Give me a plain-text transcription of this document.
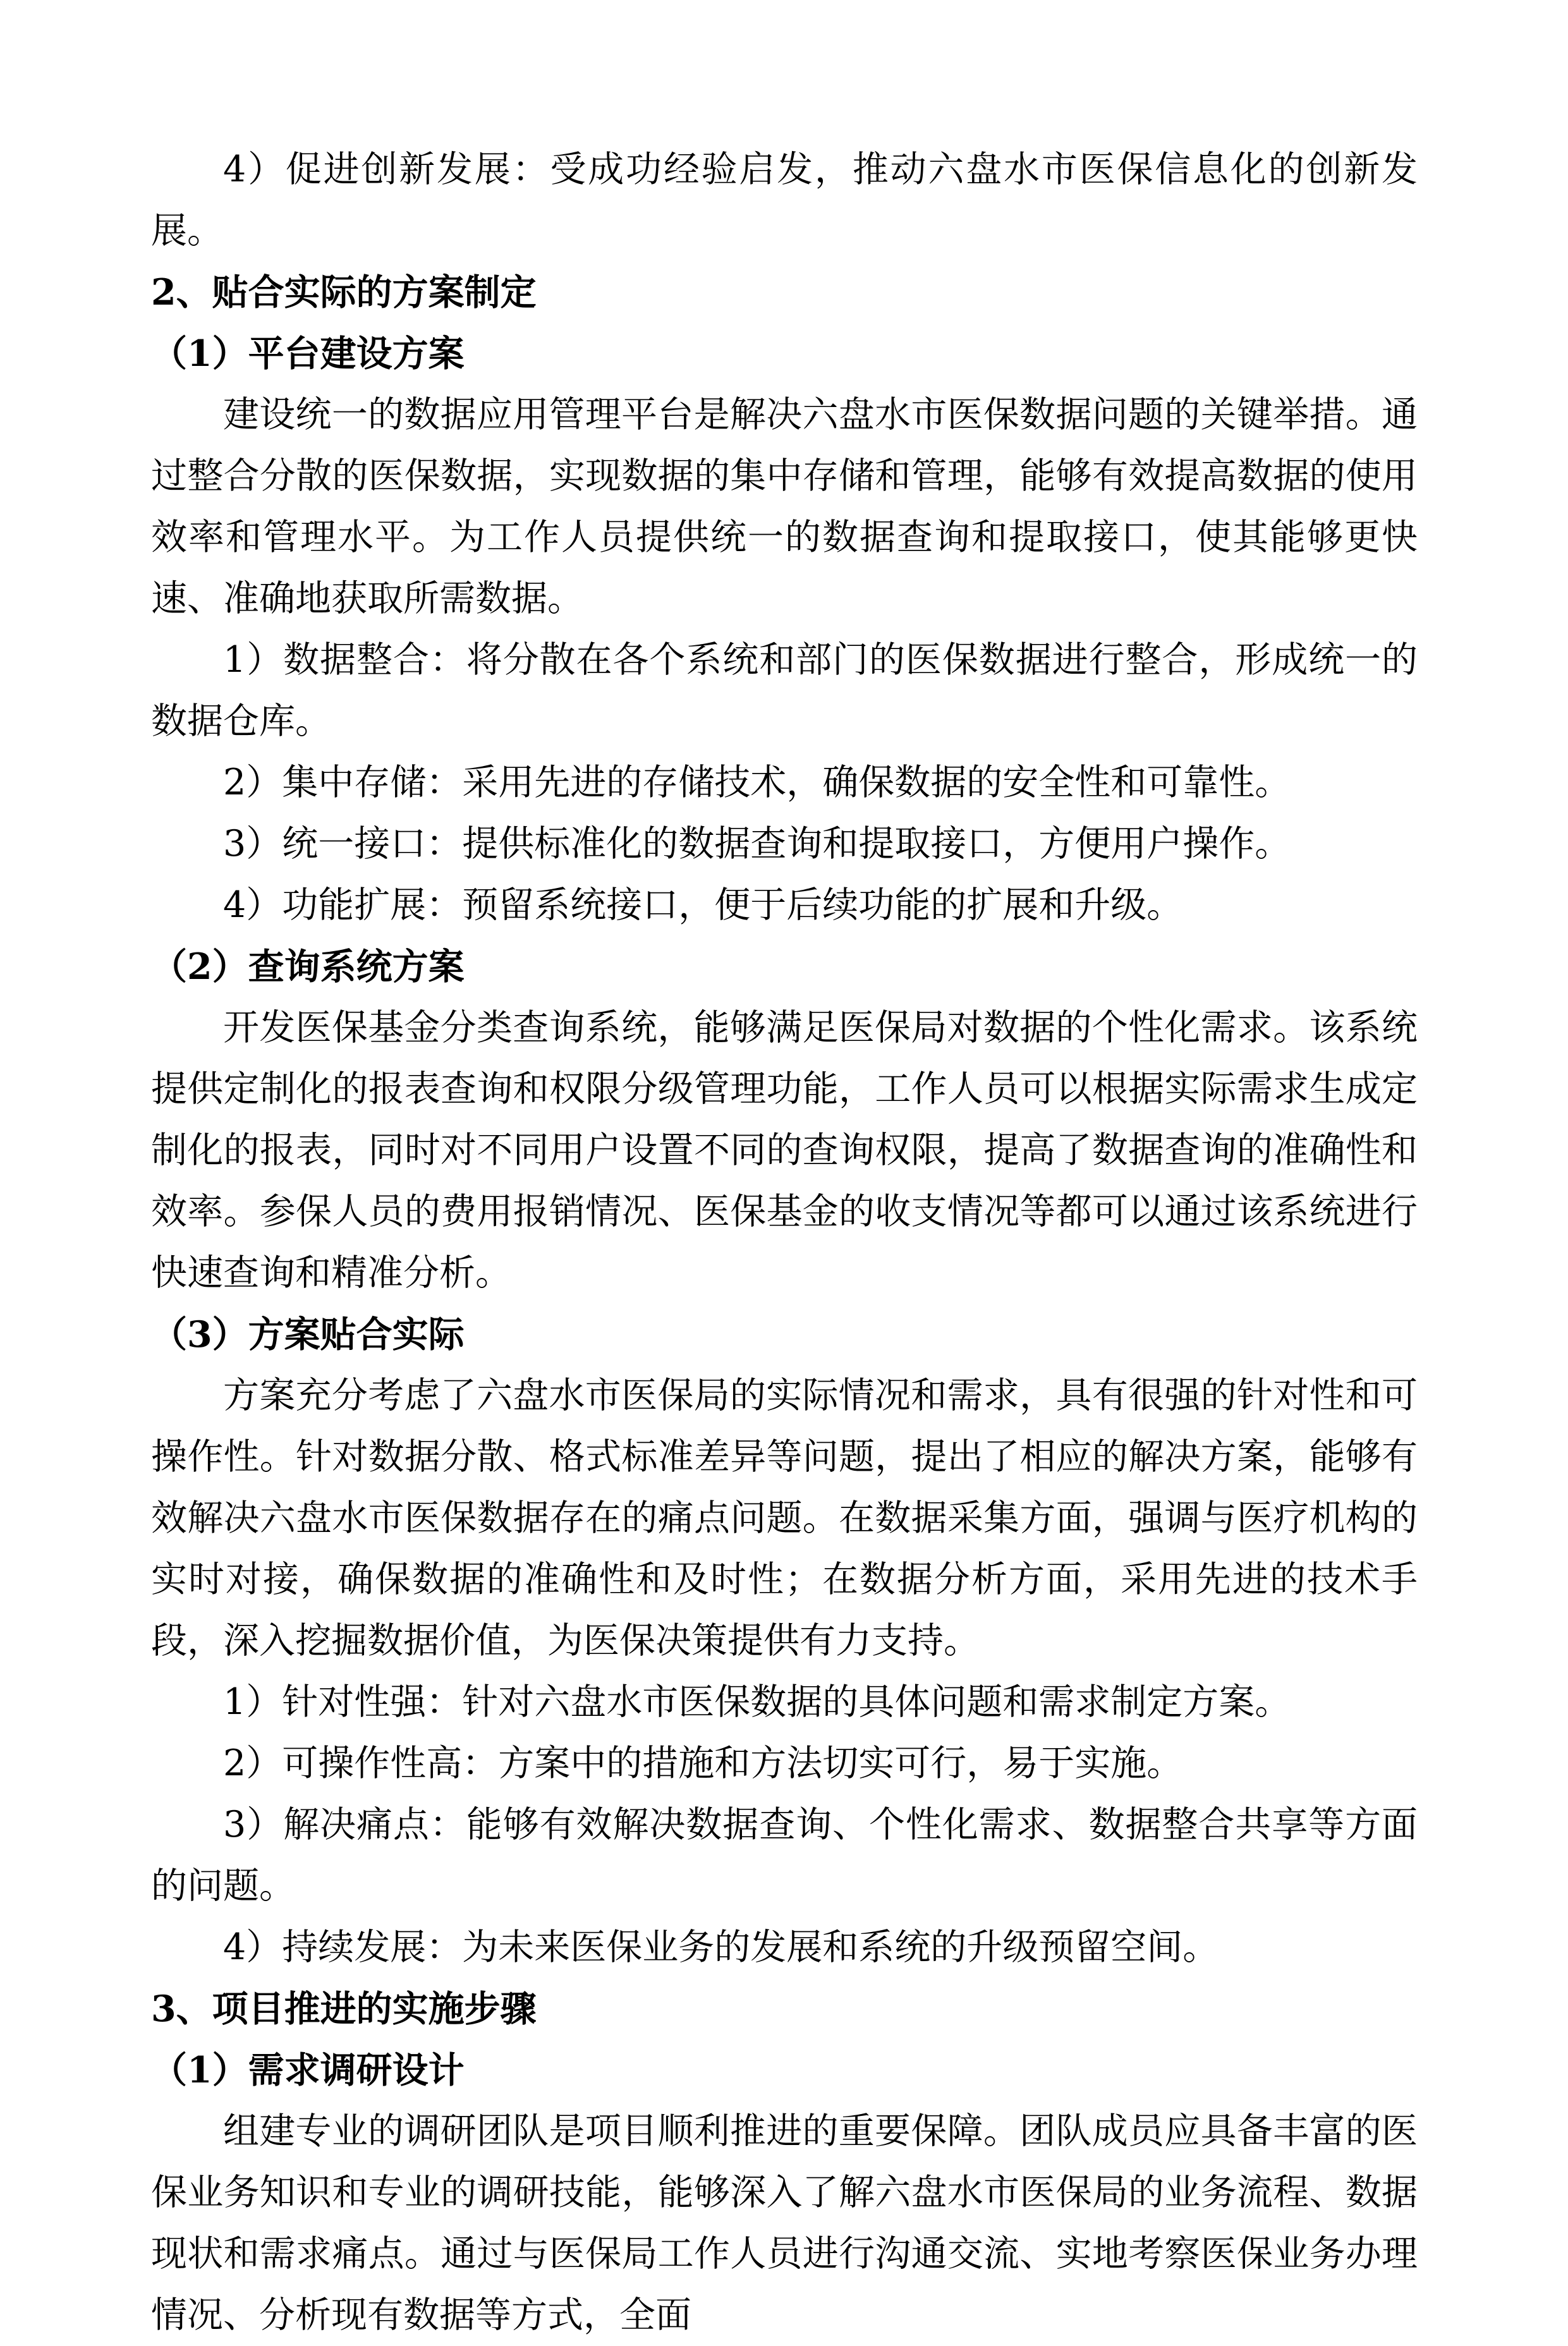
4）促进创新发展：受成功经验启发，推动六盘水市医保信息化的创新发展。

2、贴合实际的方案制定

（1）平台建设方案

建设统一的数据应用管理平台是解决六盘水市医保数据问题的关键举措。通过整合分散的医保数据，实现数据的集中存储和管理，能够有效提高数据的使用效率和管理水平。为工作人员提供统一的数据查询和提取接口，使其能够更快速、准确地获取所需数据。

1）数据整合：将分散在各个系统和部门的医保数据进行整合，形成统一的数据仓库。

2）集中存储：采用先进的存储技术，确保数据的安全性和可靠性。

3）统一接口：提供标准化的数据查询和提取接口，方便用户操作。

4）功能扩展：预留系统接口，便于后续功能的扩展和升级。

（2）查询系统方案

开发医保基金分类查询系统，能够满足医保局对数据的个性化需求。该系统提供定制化的报表查询和权限分级管理功能，工作人员可以根据实际需求生成定制化的报表，同时对不同用户设置不同的查询权限，提高了数据查询的准确性和效率。参保人员的费用报销情况、医保基金的收支情况等都可以通过该系统进行快速查询和精准分析。

（3）方案贴合实际

方案充分考虑了六盘水市医保局的实际情况和需求，具有很强的针对性和可操作性。针对数据分散、格式标准差异等问题，提出了相应的解决方案，能够有效解决六盘水市医保数据存在的痛点问题。在数据采集方面，强调与医疗机构的实时对接，确保数据的准确性和及时性；在数据分析方面，采用先进的技术手段，深入挖掘数据价值，为医保决策提供有力支持。

1）针对性强：针对六盘水市医保数据的具体问题和需求制定方案。

2）可操作性高：方案中的措施和方法切实可行，易于实施。

3）解决痛点：能够有效解决数据查询、个性化需求、数据整合共享等方面的问题。

4）持续发展：为未来医保业务的发展和系统的升级预留空间。

3、项目推进的实施步骤

（1）需求调研设计

组建专业的调研团队是项目顺利推进的重要保障。团队成员应具备丰富的医保业务知识和专业的调研技能，能够深入了解六盘水市医保局的业务流程、数据现状和需求痛点。通过与医保局工作人员进行沟通交流、实地考察医保业务办理情况、分析现有数据等方式，全面
